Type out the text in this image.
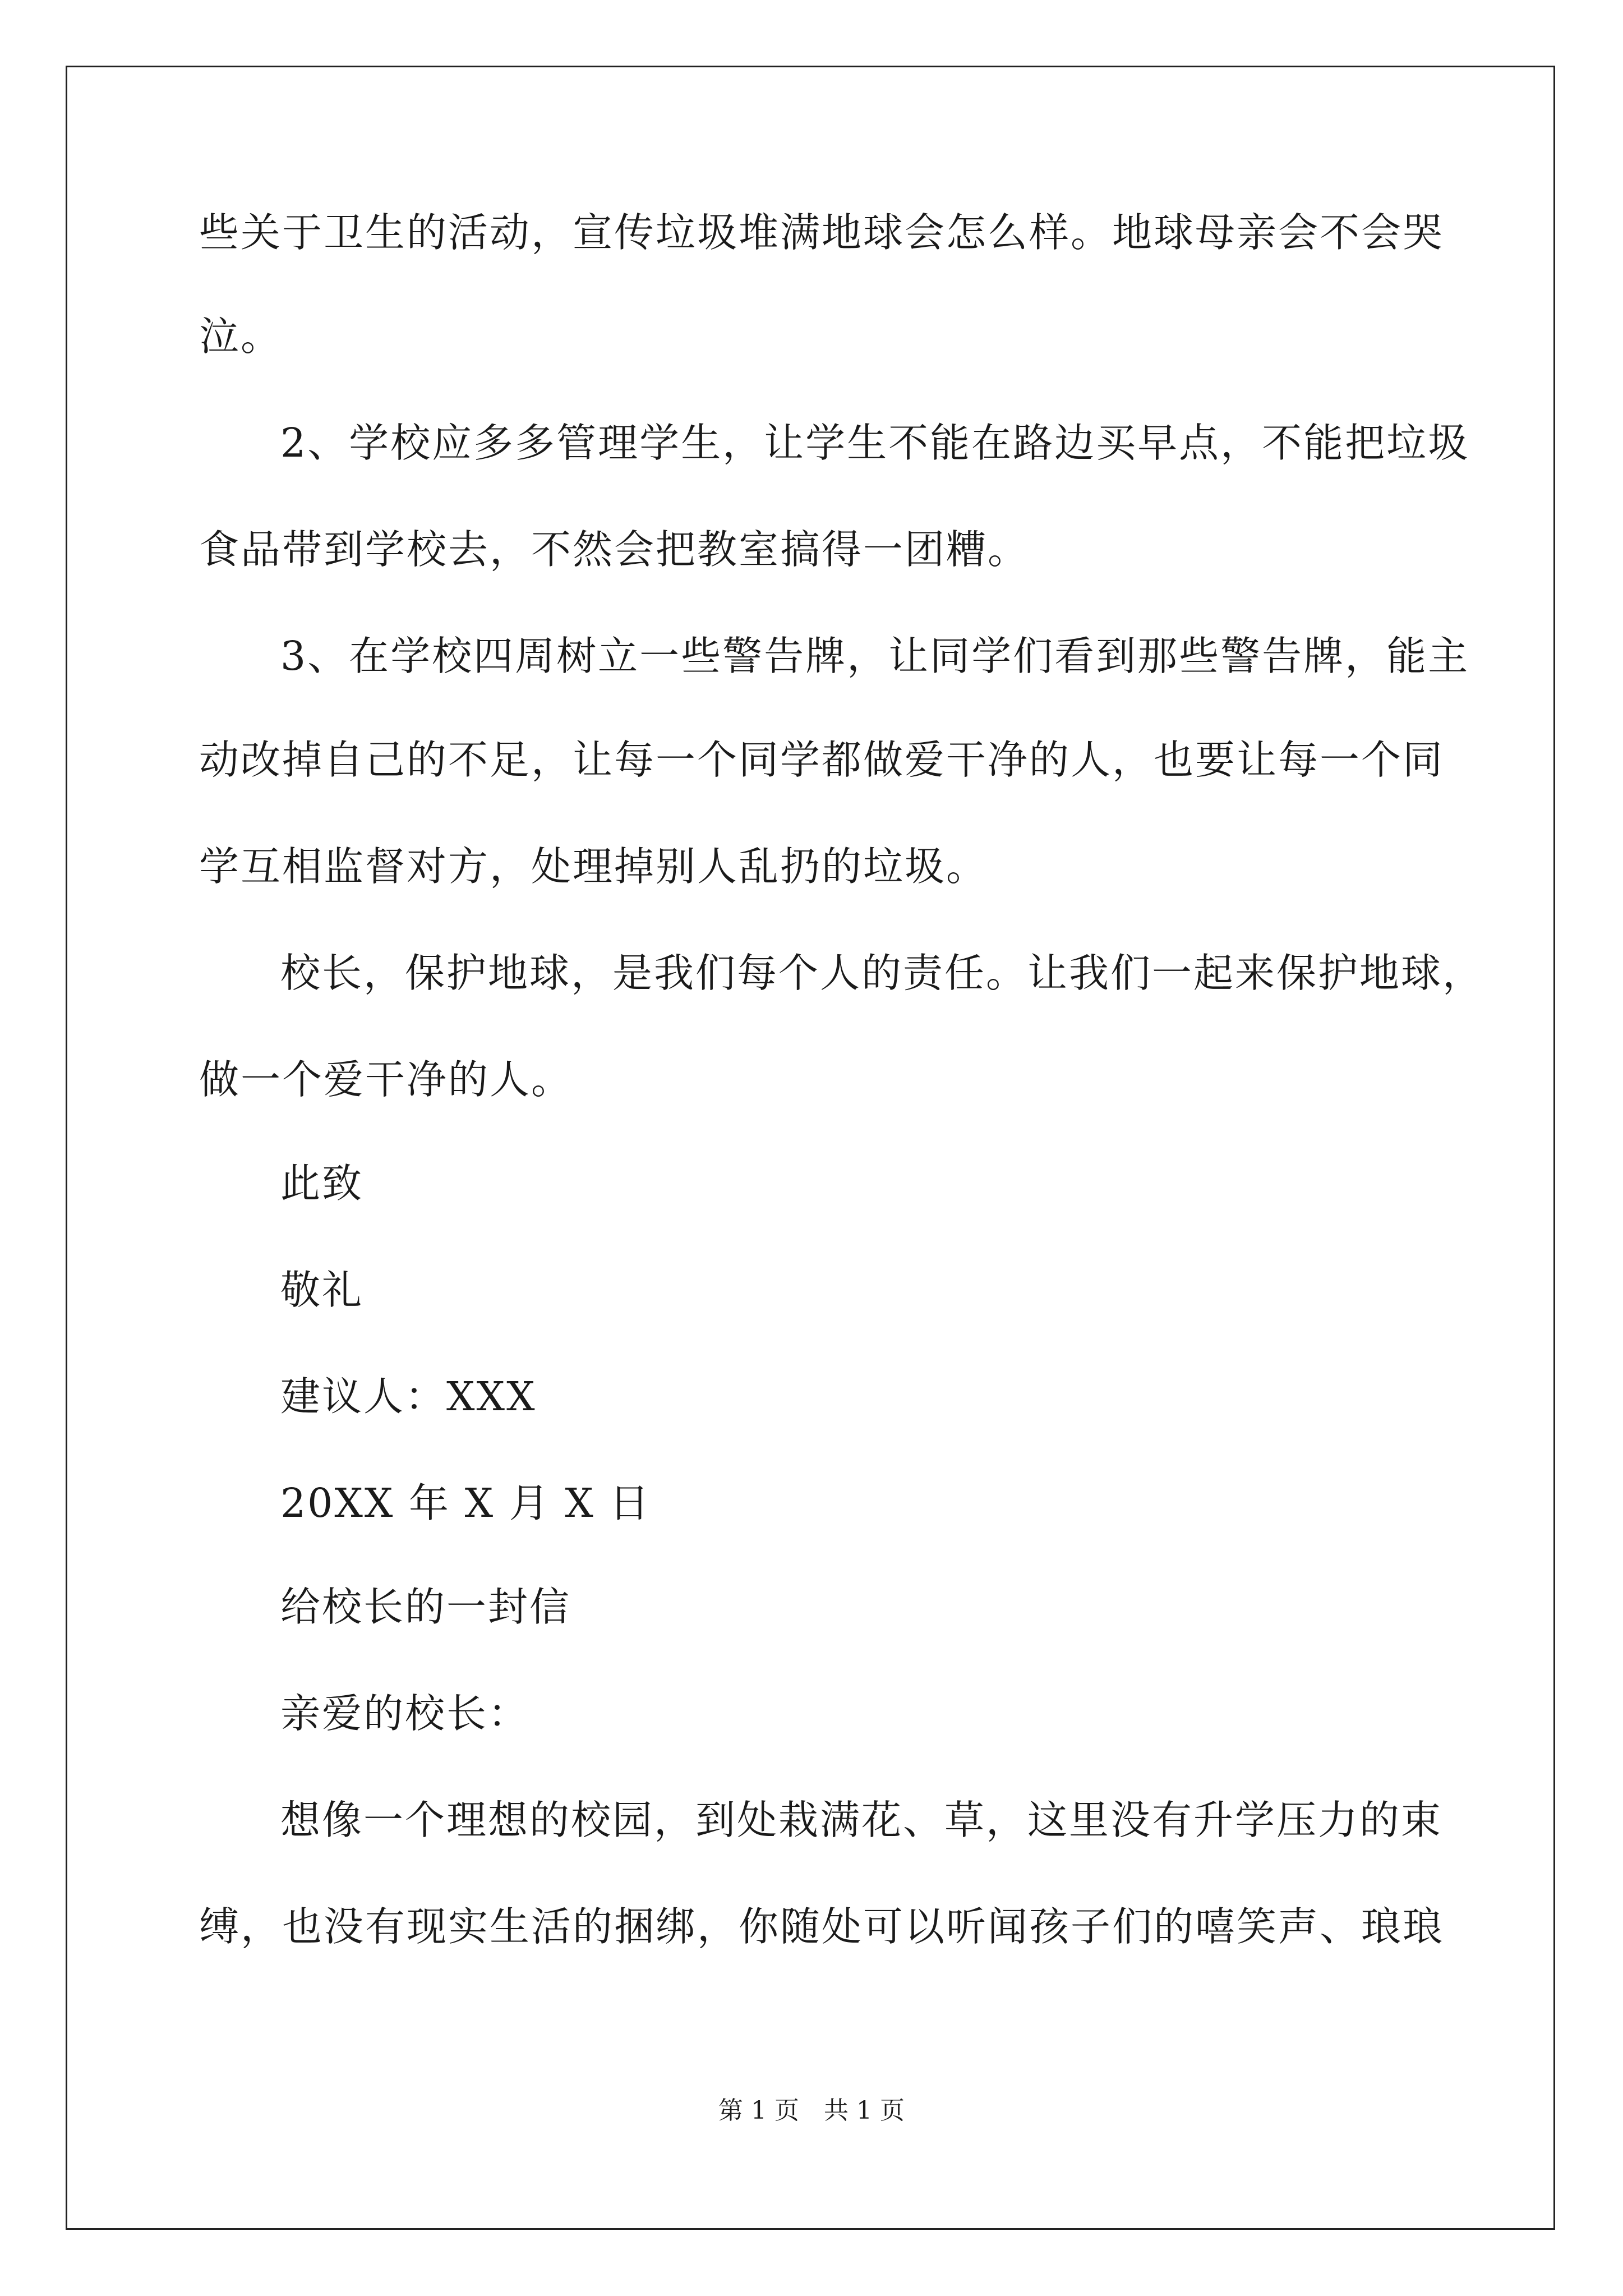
些关于卫生的活动，宣传垃圾堆满地球会怎么样。地球母亲会不会哭
泣。
2、学校应多多管理学生，让学生不能在路边买早点，不能把垃圾
食品带到学校去，不然会把教室搞得一团糟。
3、在学校四周树立一些警告牌，让同学们看到那些警告牌，能主
动改掉自己的不足，让每一个同学都做爱干净的人，也要让每一个同
学互相监督对方，处理掉别人乱扔的垃圾。
校长，保护地球，是我们每个人的责任。让我们一起来保护地球，
做一个爱干净的人。
此致
敬礼
建议人：XXX
20XX 年 X 月 X 日
给校长的一封信
亲爱的校长：
想像一个理想的校园，到处栽满花、草，这里没有升学压力的束
缚，也没有现实生活的捆绑，你随处可以听闻孩子们的嘻笑声、琅琅
第 1 页　共 1 页
